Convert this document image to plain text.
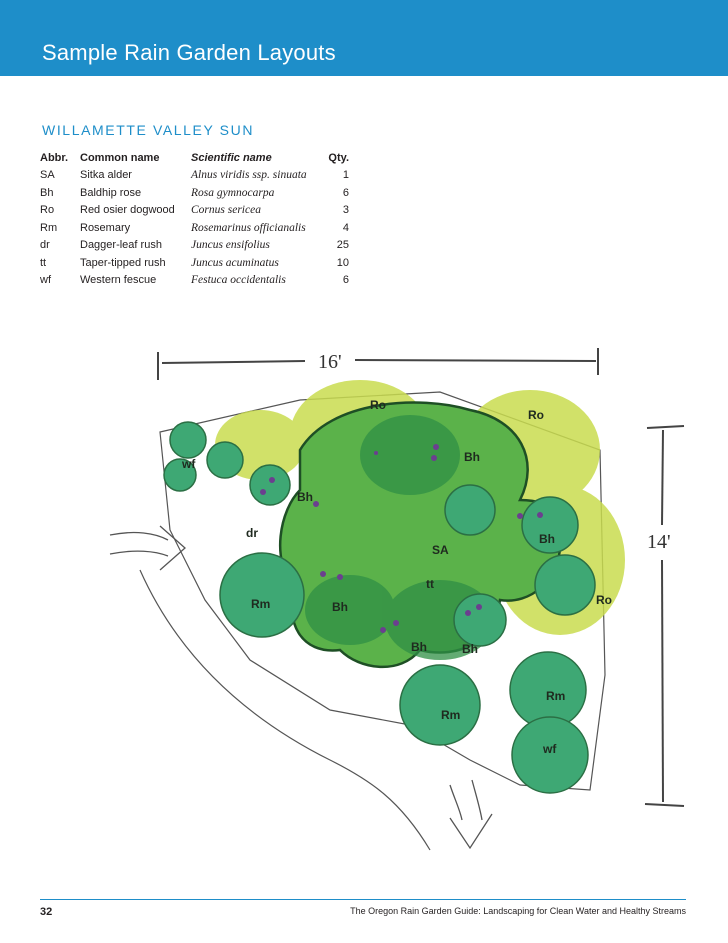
Sample Rain Garden Layouts
WILLAMETTE VALLEY SUN
Abbr.	Common name	Scientific name	Qty.
SA	Sitka alder	Alnus viridis ssp. sinuata	1
Bh	Baldhip rose	Rosa gymnocarpa	6
Ro	Red osier dogwood	Cornus sericea	3
Rm	Rosemary	Rosemarinus officianalis	4
dr	Dagger-leaf rush	Juncus ensifolius	25
tt	Taper-tipped rush	Juncus acuminatus	10
wf	Western fescue	Festuca occidentalis	6
16'
14'
Ro
Ro
Ro
wf
wf
Bh
Bh
Bh
Bh
Bh	Bh
dr
SA
tt
Rm
Rm
Rm
32	The Oregon Rain Garden Guide: Landscaping for Clean Water and Healthy Streams
